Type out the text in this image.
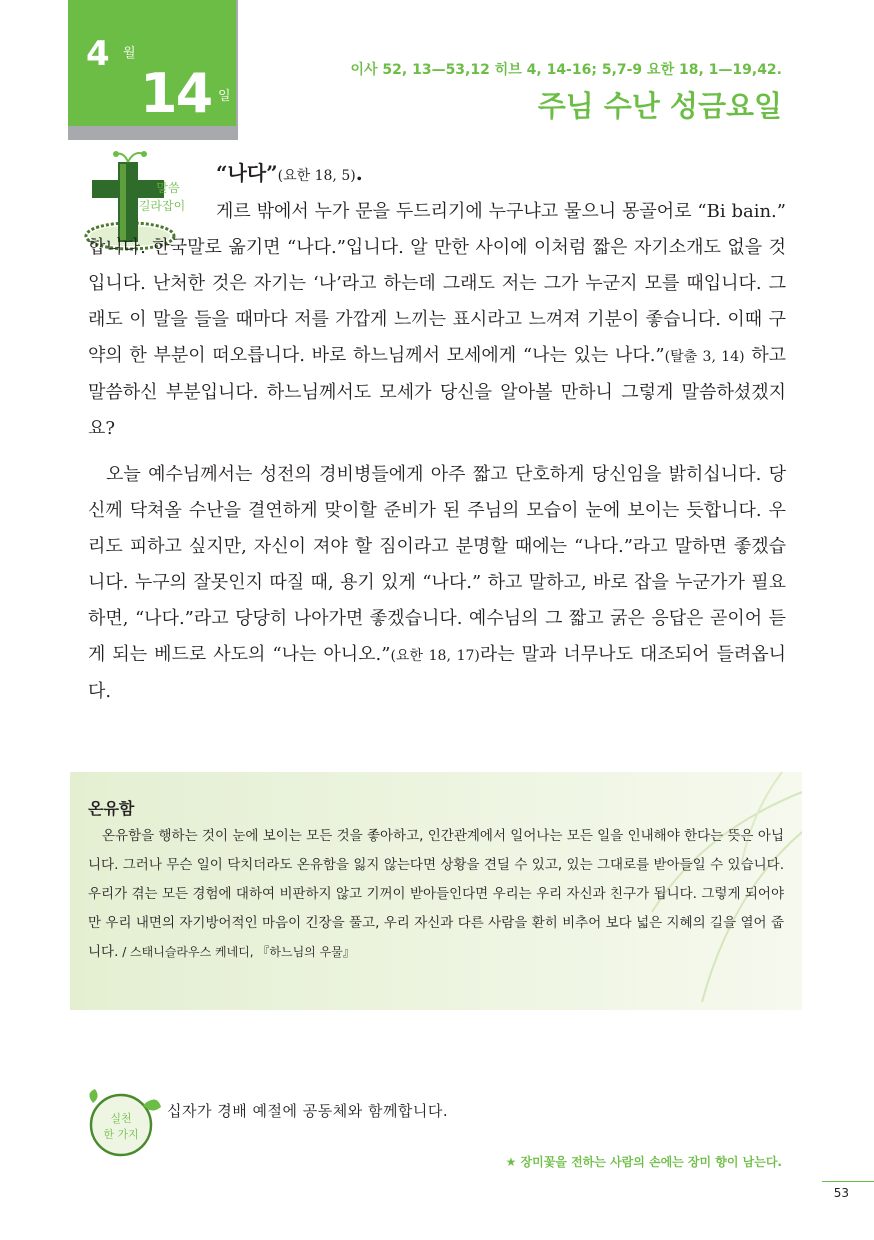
4 월
14 일
이사 52, 13—53,12 히브 4, 14-16; 5,7-9 요한 18, 1—19,42.
주님 수난 성금요일
말씀
길라잡이
“나다”(요한 18, 5).

게르 밖에서 누가 문을 두드리기에 누구냐고 물으니 몽골어로 “Bi bain.” 합니다. 한국말로 옮기면 “나다.”입니다. 알 만한 사이에 이처럼 짧은 자기소개도 없을 것입니다. 난처한 것은 자기는 ‘나’라고 하는데 그래도 저는 그가 누군지 모를 때입니다. 그래도 이 말을 들을 때마다 저를 가깝게 느끼는 표시라고 느껴져 기분이 좋습니다. 이때 구약의 한 부분이 떠오릅니다. 바로 하느님께서 모세에게 “나는 있는 나다.”(탈출 3, 14) 하고 말씀하신 부분입니다. 하느님께서도 모세가 당신을 알아볼 만하니 그렇게 말씀하셨겠지요?

오늘 예수님께서는 성전의 경비병들에게 아주 짧고 단호하게 당신임을 밝히십니다. 당신께 닥쳐올 수난을 결연하게 맞이할 준비가 된 주님의 모습이 눈에 보이는 듯합니다. 우리도 피하고 싶지만, 자신이 져야 할 짐이라고 분명할 때에는 “나다.”라고 말하면 좋겠습니다. 누구의 잘못인지 따질 때, 용기 있게 “나다.” 하고 말하고, 바로 잡을 누군가가 필요하면, “나다.”라고 당당히 나아가면 좋겠습니다. 예수님의 그 짧고 굵은 응답은 곧이어 듣게 되는 베드로 사도의 “나는 아니오.”(요한 18, 17)라는 말과 너무나도 대조되어 들려옵니다.

온유함

온유함을 행하는 것이 눈에 보이는 모든 것을 좋아하고, 인간관계에서 일어나는 모든 일을 인내해야 한다는 뜻은 아닙니다. 그러나 무슨 일이 닥치더라도 온유함을 잃지 않는다면 상황을 견딜 수 있고, 있는 그대로를 받아들일 수 있습니다. 우리가 겪는 모든 경험에 대하여 비판하지 않고 기꺼이 받아들인다면 우리는 우리 자신과 친구가 됩니다. 그렇게 되어야만 우리 내면의 자기방어적인 마음이 긴장을 풀고, 우리 자신과 다른 사람을 환히 비추어 보다 넓은 지혜의 길을 열어 줍니다. / 스태니슬라우스 케네디, 『하느님의 우물』

실천
한 가지
십자가 경배 예절에 공동체와 함께합니다.
★ 장미꽃을 전하는 사람의 손에는 장미 향이 남는다.
53
